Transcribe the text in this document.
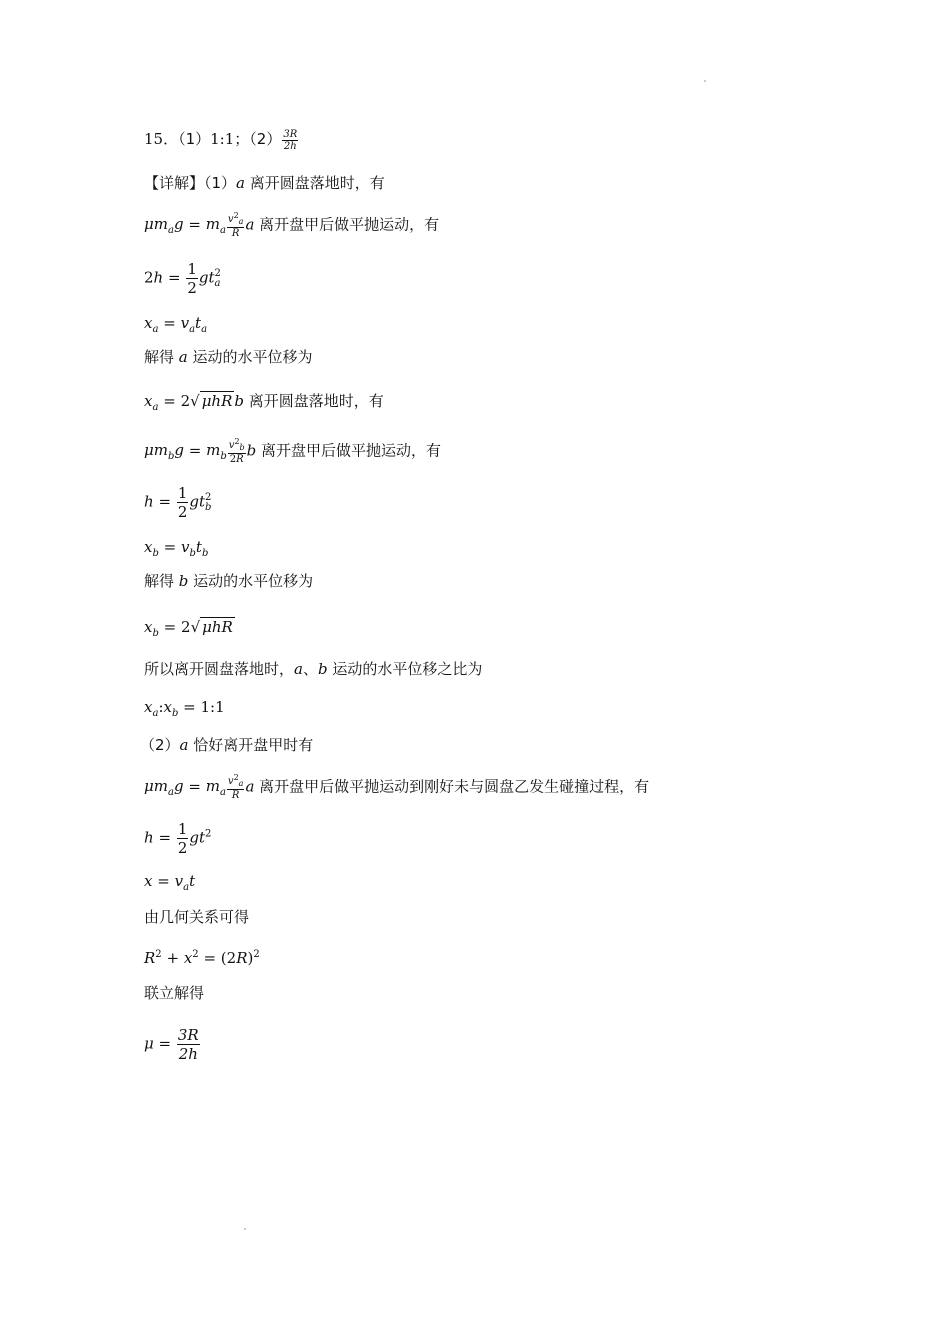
15．（1）1:1；$(2) \frac{3R}{2h}$
【详解】（1）a 离开圆盘落地时，有
$\mu m_ag = m_a \frac{v^2_a}{R}$ a 离开盘甲后做平抛运动，有
$2h = \frac{1}{2}$ gt 2
a
$x_a = v_at_a$
解得 a 运动的水平位移为
$x_a = 2√$ μhR b 离开圆盘落地时，有
$\mu m_bg = m_b \frac{v^2_b}{2R}$ b 离开盘甲后做平抛运动，有
$h = \frac{1}{2}$ gt 2
b
$x_b = v_bt_b$
解得 b 运动的水平位移为
$x_b = 2√$ μhR
所以离开圆盘落地时，a、b 运动的水平位移之比为
$x_a:x_b$ = 1:1
（2）a 恰好离开盘甲时有
$\mu m_ag = m_a \frac{v^2_a}{R}$ a 离开盘甲后做平抛运动到刚好未与圆盘乙发生碰撞过程，有
$h = \frac{1}{2} gt^2$
$x = v_at$
由几何关系可得
$R^2 + x^2 = (2R)^2$
联立解得
$\mu = \frac{3R}{2h}$
